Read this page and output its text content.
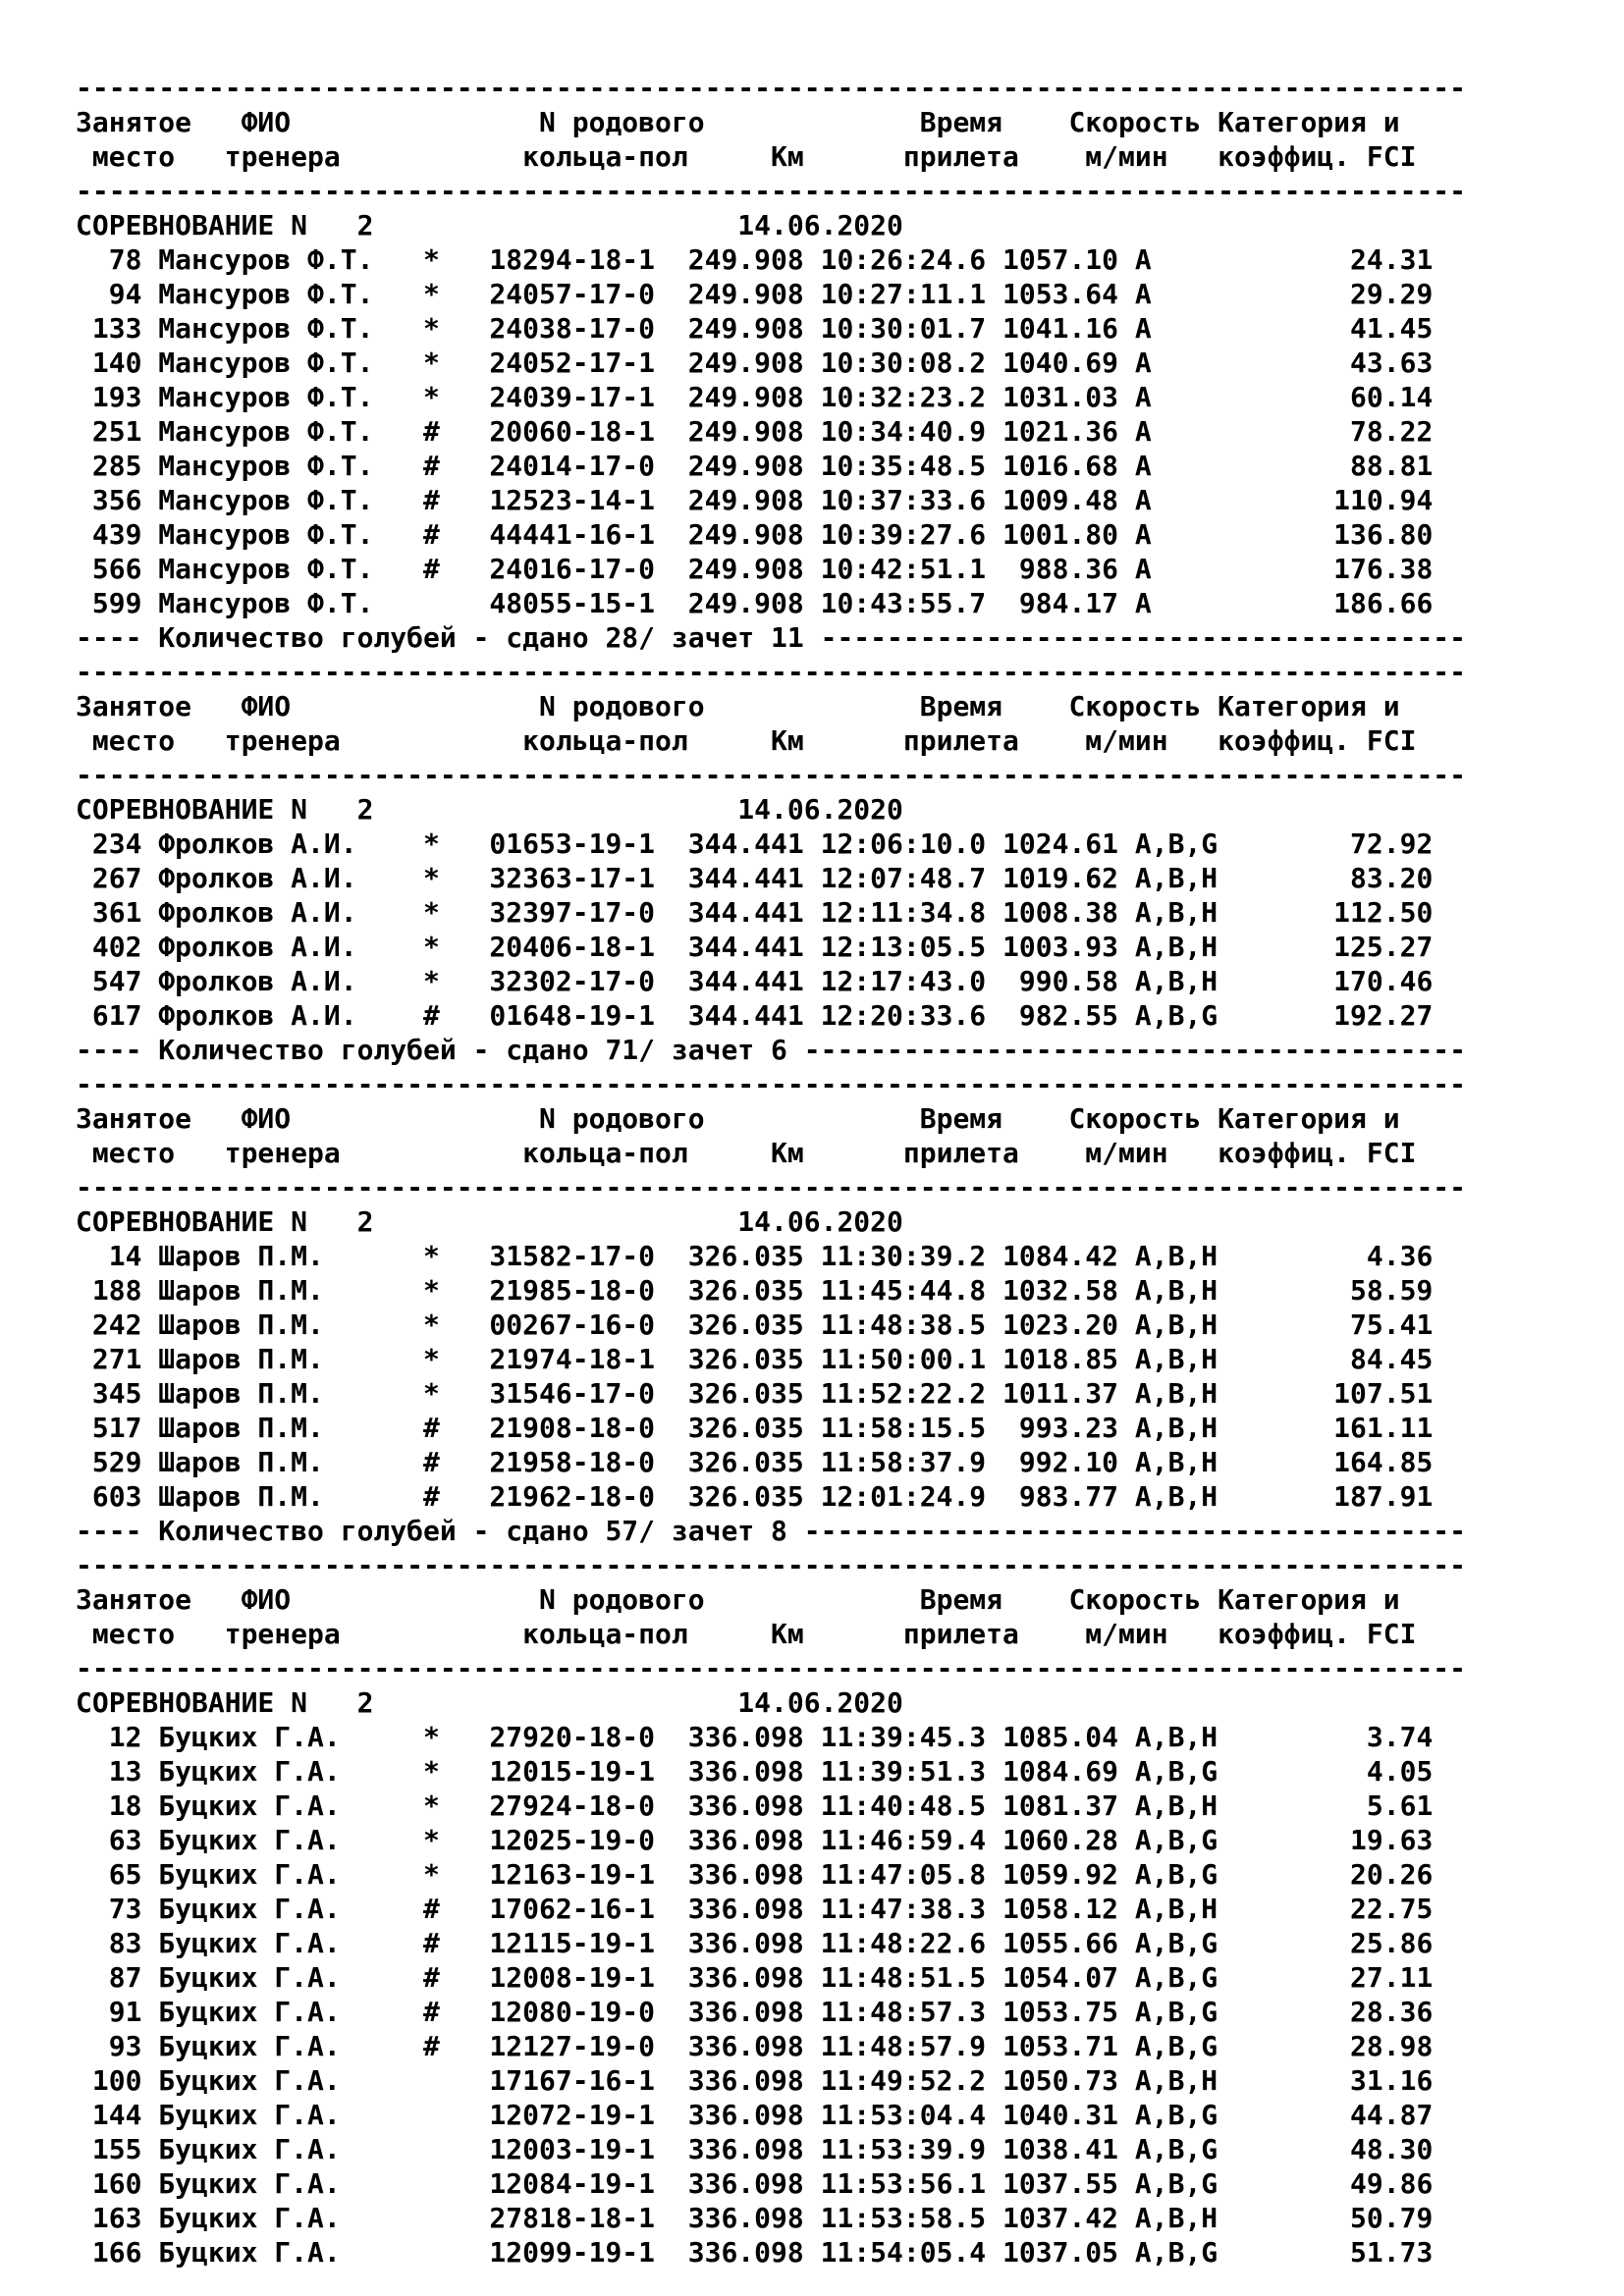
------------------------------------------------------------------------------------
Занятое   ФИО               N родового             Время    Скорость Категория и
место   тренера           кольца-пол     Км      прилета    м/мин   коэффиц. FCI
------------------------------------------------------------------------------------
СОРЕВНОВАНИЕ N   2                      14.06.2020
78 Мансуров Ф.Т.   *   18294-18-1  249.908 10:26:24.6 1057.10 A            24.31
94 Мансуров Ф.Т.   *   24057-17-0  249.908 10:27:11.1 1053.64 A            29.29
133 Мансуров Ф.Т.   *   24038-17-0  249.908 10:30:01.7 1041.16 A            41.45
140 Мансуров Ф.Т.   *   24052-17-1  249.908 10:30:08.2 1040.69 A            43.63
193 Мансуров Ф.Т.   *   24039-17-1  249.908 10:32:23.2 1031.03 A            60.14
251 Мансуров Ф.Т.   #   20060-18-1  249.908 10:34:40.9 1021.36 A            78.22
285 Мансуров Ф.Т.   #   24014-17-0  249.908 10:35:48.5 1016.68 A            88.81
356 Мансуров Ф.Т.   #   12523-14-1  249.908 10:37:33.6 1009.48 A           110.94
439 Мансуров Ф.Т.   #   44441-16-1  249.908 10:39:27.6 1001.80 A           136.80
566 Мансуров Ф.Т.   #   24016-17-0  249.908 10:42:51.1  988.36 A           176.38
599 Мансуров Ф.Т.       48055-15-1  249.908 10:43:55.7  984.17 A           186.66
---- Количество голубей - сдано 28/ зачет 11 ---------------------------------------
------------------------------------------------------------------------------------
Занятое   ФИО               N родового             Время    Скорость Категория и
место   тренера           кольца-пол     Км      прилета    м/мин   коэффиц. FCI
------------------------------------------------------------------------------------
СОРЕВНОВАНИЕ N   2                      14.06.2020
234 Фролков А.И.    *   01653-19-1  344.441 12:06:10.0 1024.61 A,B,G        72.92
267 Фролков А.И.    *   32363-17-1  344.441 12:07:48.7 1019.62 A,B,H        83.20
361 Фролков А.И.    *   32397-17-0  344.441 12:11:34.8 1008.38 A,B,H       112.50
402 Фролков А.И.    *   20406-18-1  344.441 12:13:05.5 1003.93 A,B,H       125.27
547 Фролков А.И.    *   32302-17-0  344.441 12:17:43.0  990.58 A,B,H       170.46
617 Фролков А.И.    #   01648-19-1  344.441 12:20:33.6  982.55 A,B,G       192.27
---- Количество голубей - сдано 71/ зачет 6 ----------------------------------------
------------------------------------------------------------------------------------
Занятое   ФИО               N родового             Время    Скорость Категория и
место   тренера           кольца-пол     Км      прилета    м/мин   коэффиц. FCI
------------------------------------------------------------------------------------
СОРЕВНОВАНИЕ N   2                      14.06.2020
14 Шаров П.М.      *   31582-17-0  326.035 11:30:39.2 1084.42 A,B,H         4.36
188 Шаров П.М.      *   21985-18-0  326.035 11:45:44.8 1032.58 A,B,H        58.59
242 Шаров П.М.      *   00267-16-0  326.035 11:48:38.5 1023.20 A,B,H        75.41
271 Шаров П.М.      *   21974-18-1  326.035 11:50:00.1 1018.85 A,B,H        84.45
345 Шаров П.М.      *   31546-17-0  326.035 11:52:22.2 1011.37 A,B,H       107.51
517 Шаров П.М.      #   21908-18-0  326.035 11:58:15.5  993.23 A,B,H       161.11
529 Шаров П.М.      #   21958-18-0  326.035 11:58:37.9  992.10 A,B,H       164.85
603 Шаров П.М.      #   21962-18-0  326.035 12:01:24.9  983.77 A,B,H       187.91
---- Количество голубей - сдано 57/ зачет 8 ----------------------------------------
------------------------------------------------------------------------------------
Занятое   ФИО               N родового             Время    Скорость Категория и
место   тренера           кольца-пол     Км      прилета    м/мин   коэффиц. FCI
------------------------------------------------------------------------------------
СОРЕВНОВАНИЕ N   2                      14.06.2020
12 Буцких Г.А.     *   27920-18-0  336.098 11:39:45.3 1085.04 A,B,H         3.74
13 Буцких Г.А.     *   12015-19-1  336.098 11:39:51.3 1084.69 A,B,G         4.05
18 Буцких Г.А.     *   27924-18-0  336.098 11:40:48.5 1081.37 A,B,H         5.61
63 Буцких Г.А.     *   12025-19-0  336.098 11:46:59.4 1060.28 A,B,G        19.63
65 Буцких Г.А.     *   12163-19-1  336.098 11:47:05.8 1059.92 A,B,G        20.26
73 Буцких Г.А.     #   17062-16-1  336.098 11:47:38.3 1058.12 A,B,H        22.75
83 Буцких Г.А.     #   12115-19-1  336.098 11:48:22.6 1055.66 A,B,G        25.86
87 Буцких Г.А.     #   12008-19-1  336.098 11:48:51.5 1054.07 A,B,G        27.11
91 Буцких Г.А.     #   12080-19-0  336.098 11:48:57.3 1053.75 A,B,G        28.36
93 Буцких Г.А.     #   12127-19-0  336.098 11:48:57.9 1053.71 A,B,G        28.98
100 Буцких Г.А.         17167-16-1  336.098 11:49:52.2 1050.73 A,B,H        31.16
144 Буцких Г.А.         12072-19-1  336.098 11:53:04.4 1040.31 A,B,G        44.87
155 Буцких Г.А.         12003-19-1  336.098 11:53:39.9 1038.41 A,B,G        48.30
160 Буцких Г.А.         12084-19-1  336.098 11:53:56.1 1037.55 A,B,G        49.86
163 Буцких Г.А.         27818-18-1  336.098 11:53:58.5 1037.42 A,B,H        50.79
166 Буцких Г.А.         12099-19-1  336.098 11:54:05.4 1037.05 A,B,G        51.73
